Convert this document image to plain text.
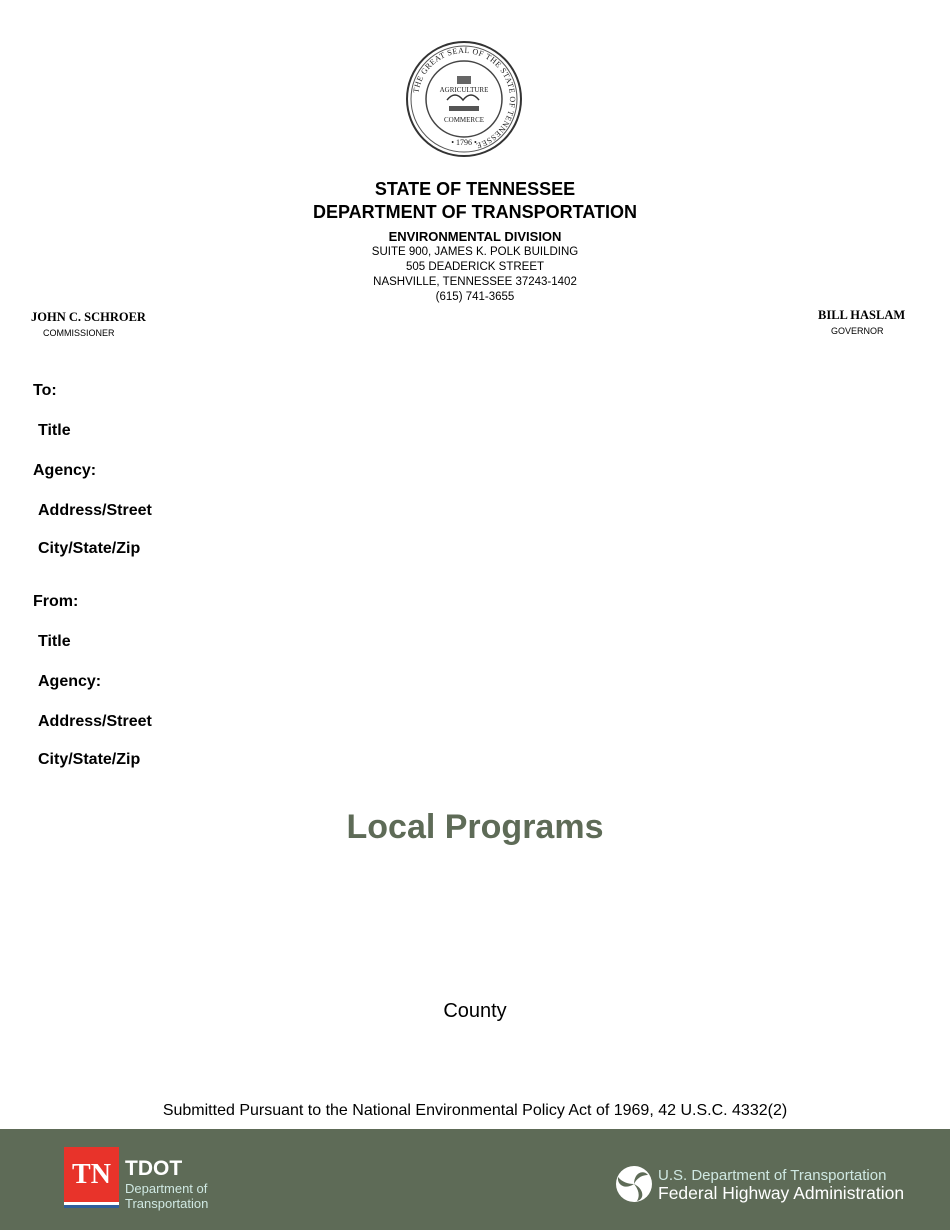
THE GREAT SEAL OF THE STATE OF TENNESSEE
AGRICULTURE
COMMERCE
• 1796 •
STATE OF TENNESSEE
DEPARTMENT OF TRANSPORTATION
ENVIRONMENTAL DIVISION
SUITE 900, JAMES K. POLK BUILDING
505 DEADERICK STREET
NASHVILLE, TENNESSEE 37243-1402
(615) 741-3655
JOHN C. SCHROER
COMMISSIONER
BILL HASLAM
GOVERNOR
To:
Title
Agency:
Address/Street
City/State/Zip
From:
Title
Agency:
Address/Street
City/State/Zip
Local Programs
County
Submitted Pursuant to the National Environmental Policy Act of 1969, 42 U.S.C. 4332(2)
TN TDOT
Department of
Transportation
U.S. Department of Transportation
Federal Highway Administration
